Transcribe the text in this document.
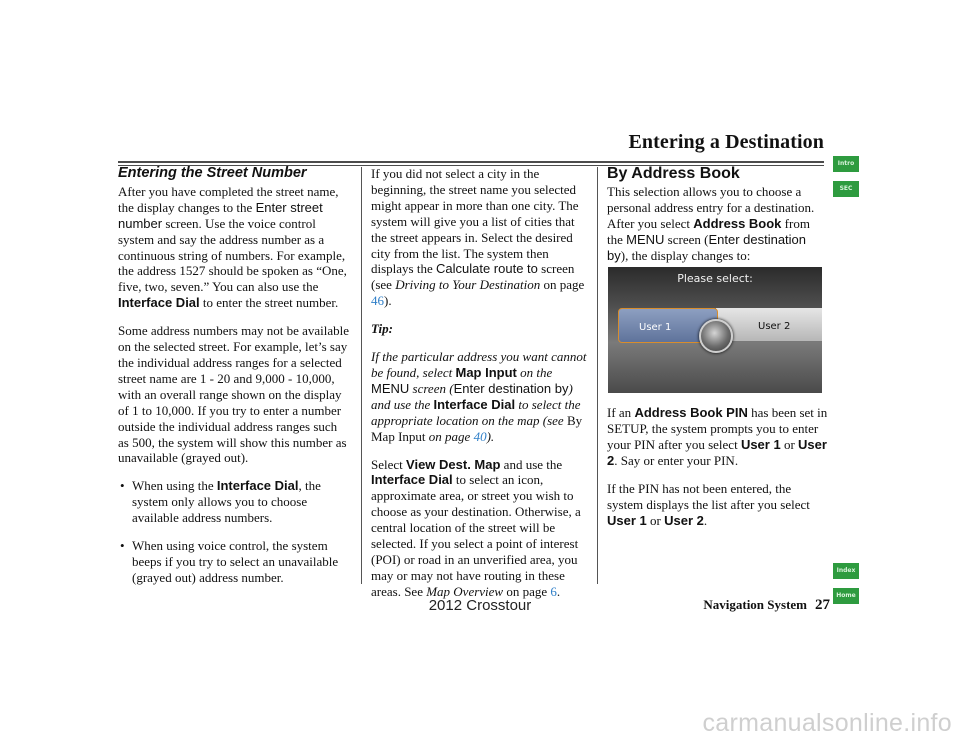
Entering a Destination
Intro
SEC
Index
Home
Entering the Street Number

After you have completed the street name, the display changes to the Enter street number screen. Use the voice control system and say the address number as a continuous string of numbers. For example, the address 1527 should be spoken as “One, five, two, seven.” You can also use the Interface Dial to enter the street number.

Some address numbers may not be available on the selected street. For example, let’s say the individual address ranges for a selected street name are 1 - 20 and 9,000 - 10,000, with an overall range shown on the display of 1 to 10,000. If you try to enter a number outside the individual address ranges such as 500, the system will show this number as unavailable (grayed out).

• When using the Interface Dial, the system only allows you to choose available address numbers.
• When using voice control, the system beeps if you try to select an unavailable (grayed out) address number.

If you did not select a city in the beginning, the street name you selected might appear in more than one city. The system will give you a list of cities that the street appears in. Select the desired city from the list. The system then displays the Calculate route to screen (see Driving to Your Destination on page 46).

Tip:

If the particular address you want cannot be found, select Map Input on the MENU screen (Enter destination by) and use the Interface Dial to select the appropriate location on the map (see By Map Input on page 40).

Select View Dest. Map and use the Interface Dial to select an icon, approximate area, or street you wish to choose as your destination. Otherwise, a central location of the street will be selected. If you select a point of interest (POI) or road in an unverified area, you may or may not have routing in these areas. See Map Overview on page 6.

By Address Book

This selection allows you to choose a personal address entry for a destination. After you select Address Book from the MENU screen (Enter destination by), the display changes to:

Please select:
User 2
User 1

If an Address Book PIN has been set in SETUP, the system prompts you to enter your PIN after you select User 1 or User 2. Say or enter your PIN.

If the PIN has not been entered, the system displays the list after you select User 1 or User 2.

Navigation System 27
2012 Crosstour
carmanualsonline.info
